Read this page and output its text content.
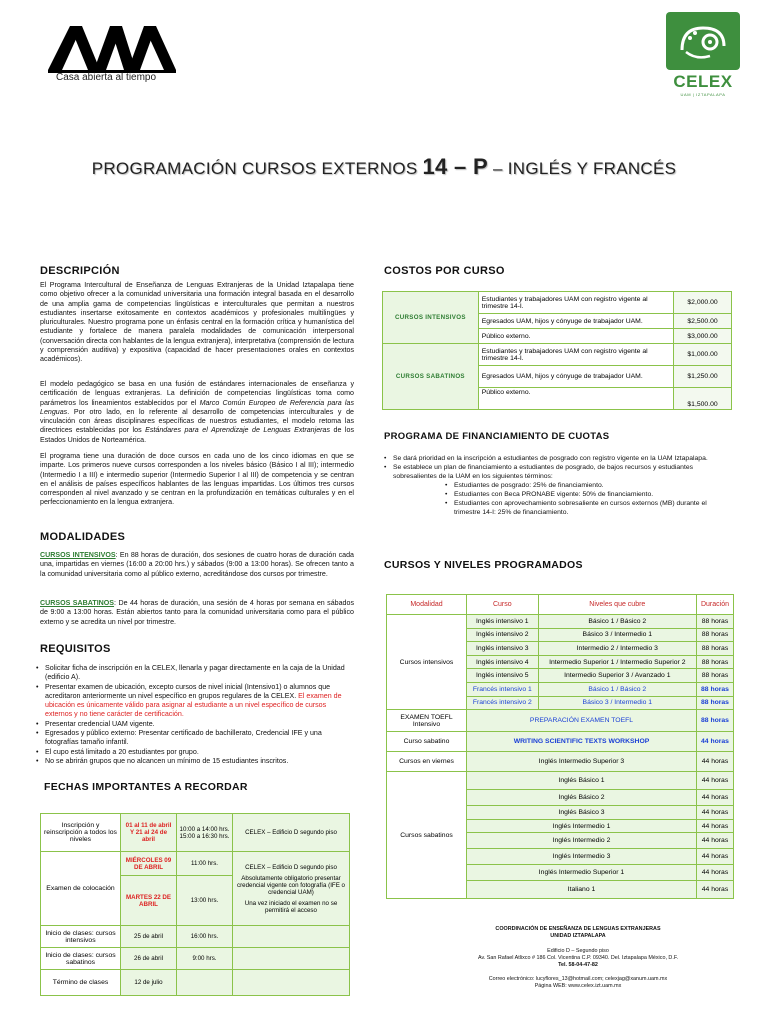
Casa abierta al tiempo	CELEX
UAM | IZTAPALAPA
PROGRAMACIÓN CURSOS EXTERNOS 14 – P – INGLÉS Y FRANCÉS
DESCRIPCIÓN
El Programa Intercultural de Enseñanza de Lenguas Extranjeras de la Unidad Iztapalapa tiene como objetivo ofrecer a la comunidad universitaria una formación integral basada en el desarrollo de una amplia gama de competencias lingüísticas e interculturales que permitan a nuestros estudiantes insertarse exitosamente en contextos académicos y profesionales multilingües y pluriculturales. Nuestro programa pone un énfasis central en la formación crítica y humanística del estudiante y fortalece de manera paralela modalidades de comunicación interpersonal (conversación directa con hablantes de la lengua extranjera), interpretativa (comprensión de lectura y comprensión auditiva) y expositiva (capacidad de hacer presentaciones orales en contextos académicos).
El modelo pedagógico se basa en una fusión de estándares internacionales de enseñanza y certificación de lenguas extranjeras. La definición de competencias lingüísticas toma como parámetros los lineamientos establecidos por el Marco Común Europeo de Referencia para las Lenguas. Por otro lado, en lo referente al desarrollo de competencias interculturales y de vinculación con áreas disciplinares específicas de nuestros estudiantes, el modelo retoma las directrices establecidas por los Estándares para el Aprendizaje de Lenguas Extranjeras de los Estados Unidos de Norteamérica.
El programa tiene una duración de doce cursos en cada uno de los cinco idiomas en que se imparte. Los primeros nueve cursos corresponden a los niveles básico (Básico I al III); intermedio (Intermedio I a III) e intermedio superior (Intermedio Superior I al III) de competencia y se centran en el análisis de países específicos hablantes de las lenguas impartidas. Los últimos tres cursos corresponden al nivel avanzado y se centran en la profundización en temáticas culturales y en el perfeccionamiento en la lengua extranjera.
MODALIDADES
CURSOS INTENSIVOS: En 88 horas de duración, dos sesiones de cuatro horas de duración cada una, impartidas en viernes (16:00 a 20:00 hrs.) y sábados (9:00 a 13:00 horas). Se ofrecen tanto a la comunidad universitaria como al público externo, acreditándose dos cursos por trimestre.
CURSOS SABATINOS: De 44 horas de duración, una sesión de 4 horas por semana en sábados de 9:00 a 13:00 horas. Están abiertos tanto para la comunidad universitaria como para el público externo y se acredita un nivel por trimestre.
REQUISITOS
• Solicitar ficha de inscripción en la CELEX, llenarla y pagar directamente en la caja de la Unidad (edificio A).
• Presentar examen de ubicación, excepto cursos de nivel inicial (Intensivo1) o alumnos que acreditaron anteriormente un nivel específico en grupos regulares de la CELEX. El examen de ubicación es únicamente válido para asignar al estudiante a un nivel específico de cursos externos y no tiene carácter de certificación.
• Presentar credencial UAM vigente.
• Egresados y público externo: Presentar certificado de bachillerato, Credencial IFE y una fotografías tamaño infantil.
• El cupo está limitado a 20 estudiantes por grupo.
• No se abrirán grupos que no alcancen un mínimo de 15 estudiantes inscritos.
FECHAS IMPORTANTES A RECORDAR
Inscripción y reinscripción a todos los niveles	01 al 11 de abril Y 21 al 24 de abril	10:00 a 14:00 hrs. 15:00 a 16:30 hrs.	CELEX – Edificio D segundo piso
Examen de colocación	MIÉRCOLES 09 DE ABRIL	11:00 hrs.	CELEX – Edificio D segundo piso
Absolutamente obligatorio presentar credencial vigente con fotografía (IFE o credencial UAM)
Una vez iniciado el examen no se permitirá el acceso

	MARTES 22 DE ABRIL	13:00 hrs.	
Inicio de clases: cursos intensivos	25 de abril	16:00 hrs.	
Inicio de clases: cursos sabatinos	26 de abril	9:00 hrs.	
Término de clases	12 de julio		
COSTOS POR CURSO
CURSOS INTENSIVOS	Estudiantes y trabajadores UAM con registro vigente al trimestre 14-I.	$2,000.00
	Egresados UAM, hijos y cónyuge de trabajador UAM.	$2,500.00
	Público externo.	$3,000.00
CURSOS SABATINOS	Estudiantes y trabajadores UAM con registro vigente al trimestre 14-I.	$1,000.00
	Egresados UAM, hijos y cónyuge de trabajador UAM.	$1,250.00
	Público externo.	$1,500.00
PROGRAMA DE FINANCIAMIENTO DE CUOTAS
• Se dará prioridad en la inscripción a estudiantes de posgrado con registro vigente en la UAM Iztapalapa.
• Se establece un plan de financiamiento a estudiantes de posgrado, de bajos recursos y estudiantes sobresalientes de la UAM en los siguientes términos:
• Estudiantes de posgrado: 25% de financiamiento.
• Estudiantes con Beca PRONABE vigente: 50% de financiamiento.
• Estudiantes con aprovechamiento sobresaliente en cursos externos (MB) durante el trimestre 14-I: 25% de financiamiento.
CURSOS Y NIVELES PROGRAMADOS
Modalidad	Curso	Niveles que cubre	Duración
Cursos intensivos	Inglés intensivo 1	Básico 1 / Básico 2	88 horas
	Inglés intensivo 2	Básico 3 / Intermedio 1	88 horas
	Inglés intensivo 3	Intermedio 2 / Intermedio 3	88 horas
	Inglés intensivo 4	Intermedio Superior 1 / Intermedio Superior 2	88 horas
	Inglés intensivo 5	Intermedio Superior 3 / Avanzado 1	88 horas
	Francés intensivo 1	Básico 1 / Básico 2	88 horas
	Francés intensivo 2	Básico 3 / Intermedio 1	88 horas
EXAMEN TOEFL Intensivo	PREPARACIÓN EXAMEN TOEFL		88 horas
Curso sabatino	WRITING SCIENTIFIC TEXTS WORKSHOP		44 horas
Cursos en viernes	Inglés Intermedio Superior 3		44 horas
Cursos sabatinos	Inglés Básico 1		44 horas
	Inglés Básico 2		44 horas
	Inglés Básico 3		44 horas
	Inglés Intermedio 1		44 horas
	Inglés Intermedio 2		44 horas
	Inglés Intermedio 3		44 horas
	Inglés Intermedio Superior 1		44 horas
	Italiano 1		44 horas
COORDINACIÓN DE ENSEÑANZA DE LENGUAS EXTRANJERAS
UNIDAD IZTAPALAPA
Edificio D – Segundo piso
Av. San Rafael Atlixco # 186 Col. Vicentina C.P. 09340. Del. Iztapalapa México, D.F.
Tel. 58-04-47-82
Correo electrónico: lucyflores_13@hotmail.com; celexjag@xanum.uam.mx
Página WEB: www.celex.izt.uam.mx
